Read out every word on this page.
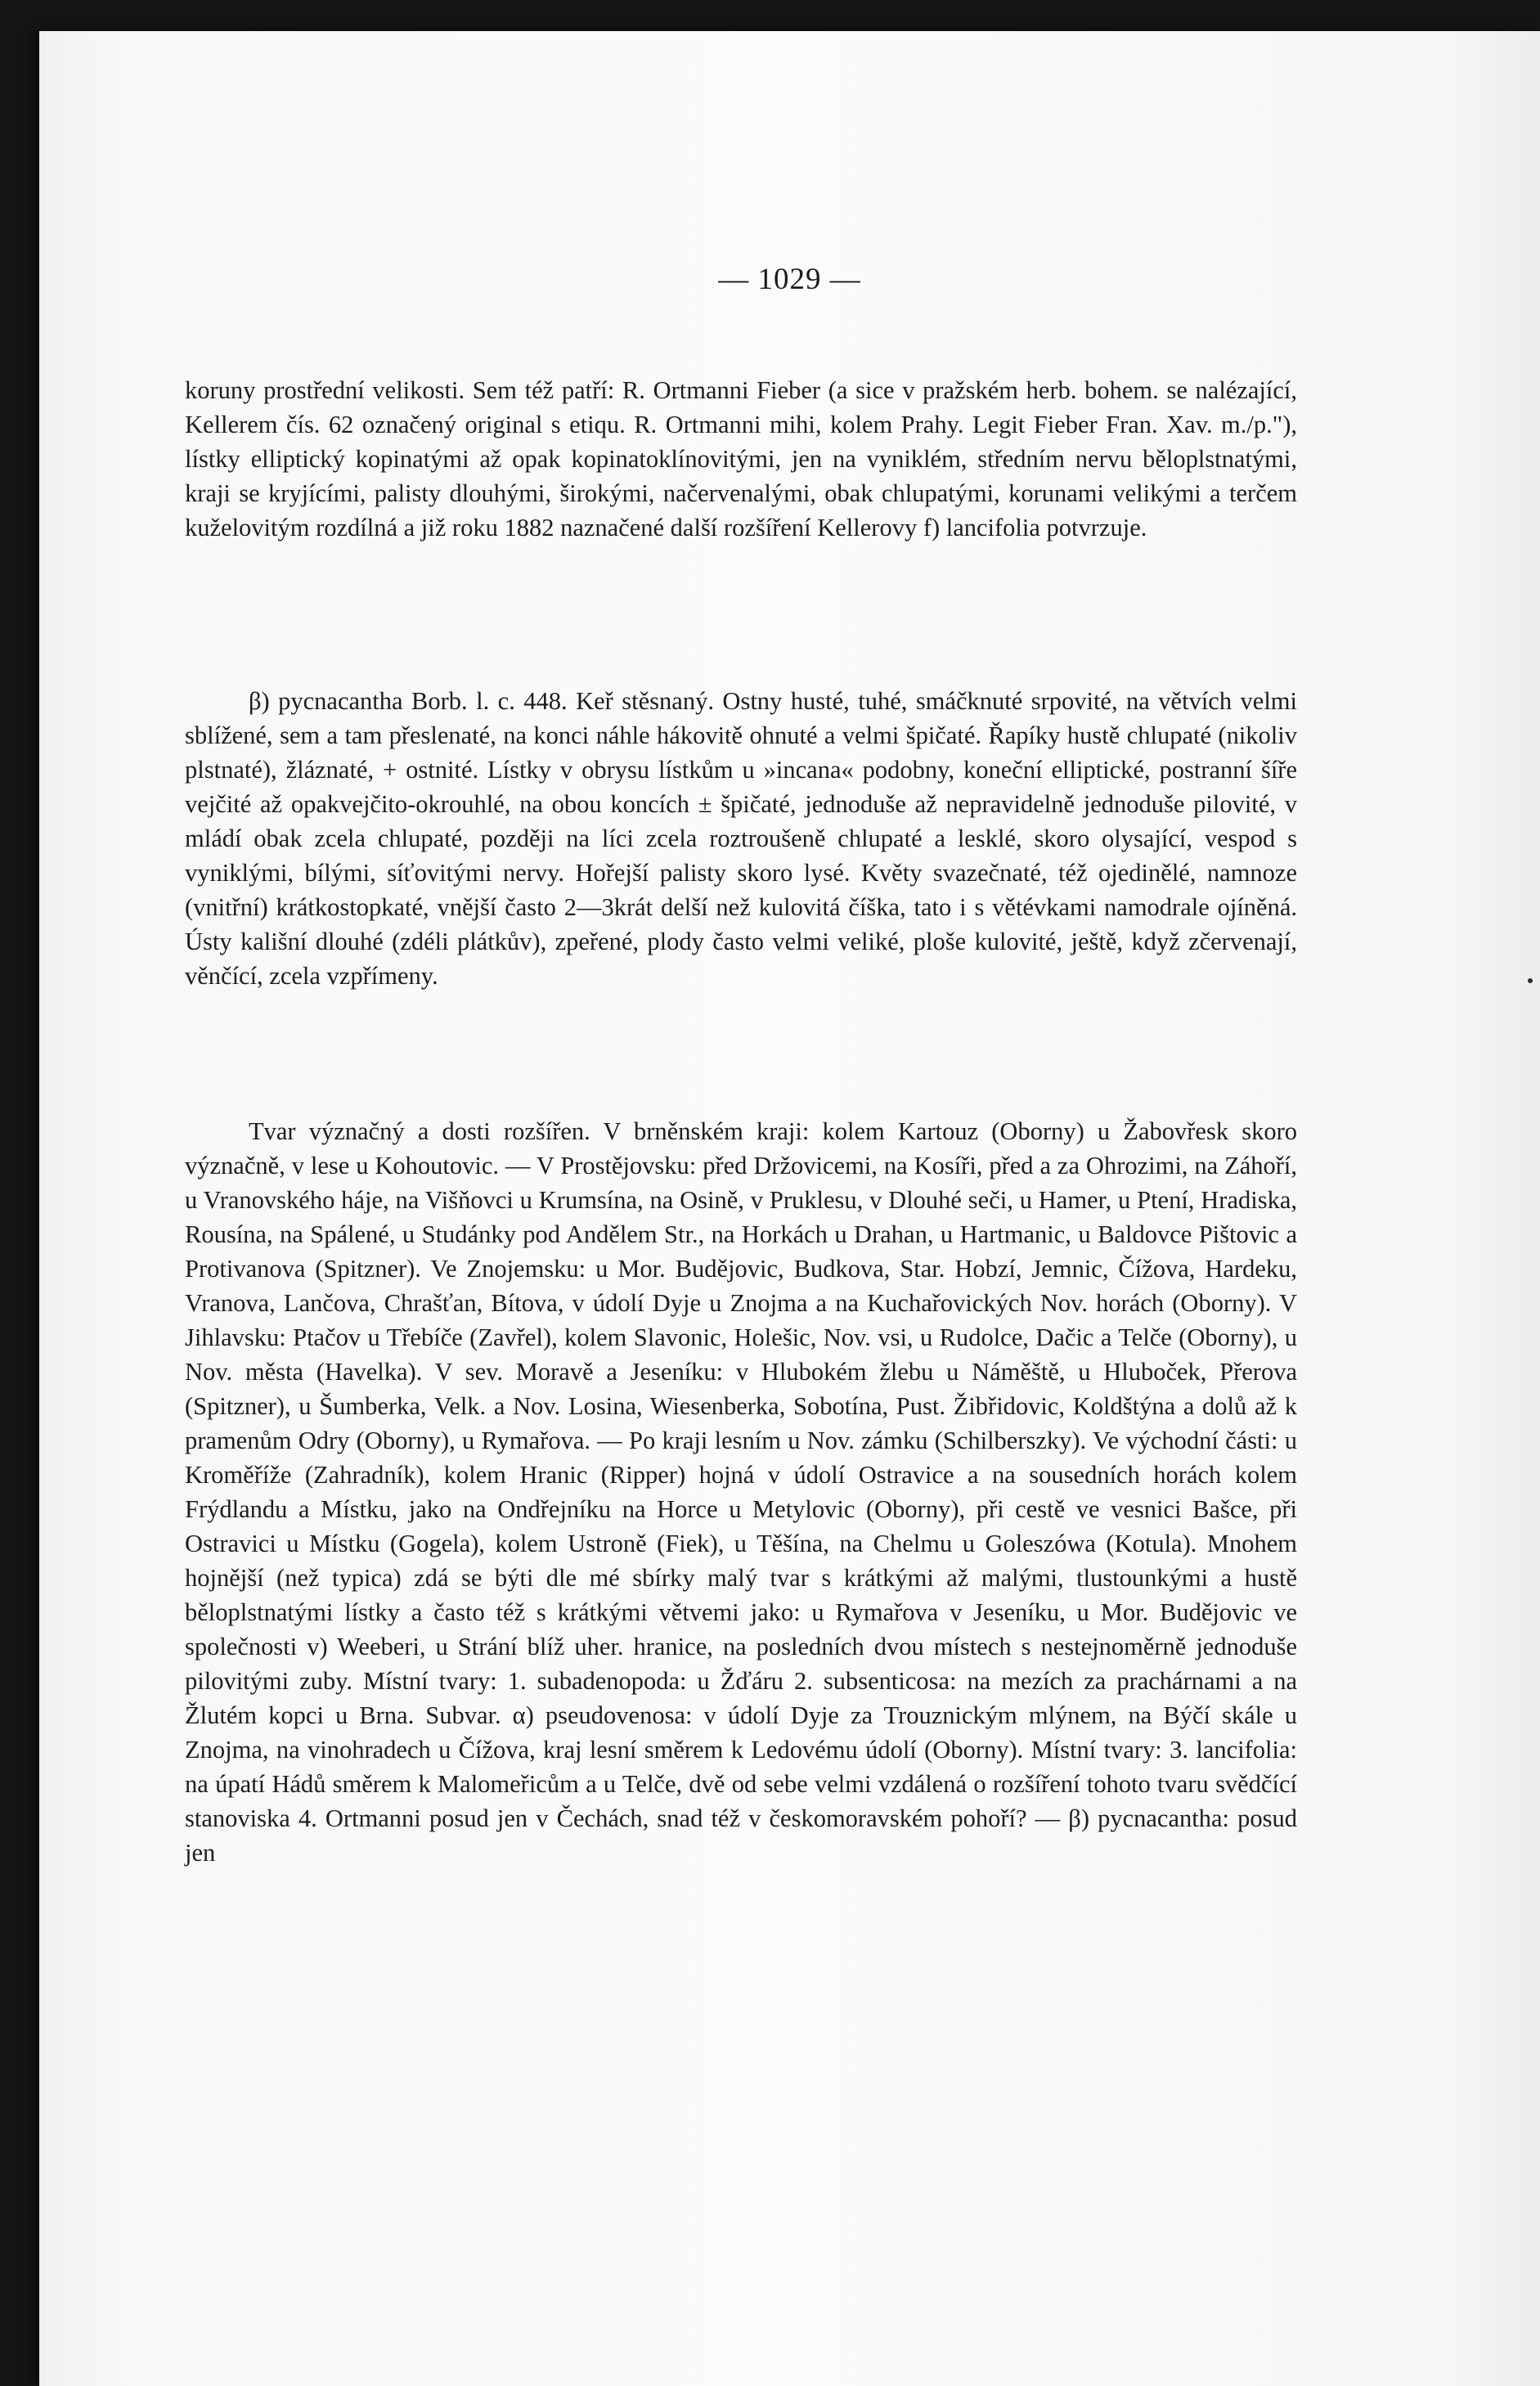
— 1029 —

koruny prostřední velikosti. Sem též patří: R. Ortmanni Fieber (a sice v pražském herb. bohem. se nalézající, Kellerem čís. 62 označený original s etiqu. R. Ortmanni mihi, kolem Prahy. Legit Fieber Fran. Xav. m./p."), lístky elliptický kopinatými až opak kopinatoklínovitými, jen na vyniklém, středním nervu běloplstnatými, kraji se kryjícími, palisty dlouhými, širokými, načervenalými, obak chlupatými, korunami velikými a terčem kuželovitým rozdílná a již roku 1882 naznačené další rozšíření Kellerovy f) lancifolia potvrzuje.

β) pycnacantha Borb. l. c. 448. Keř stěsnaný. Ostny husté, tuhé, smáčknuté srpovité, na větvích velmi sblížené, sem a tam přeslenaté, na konci náhle hákovitě ohnuté a velmi špičaté. Řapíky hustě chlupaté (nikoliv plstnaté), žláznaté, + ostnité. Lístky v obrysu lístkům u »incana« podobny, koneční elliptické, postranní šíře vejčité až opakvejčito-okrouhlé, na obou koncích ± špičaté, jednoduše až nepravidelně jednoduše pilovité, v mládí obak zcela chlupaté, později na líci zcela roztroušeně chlupaté a lesklé, skoro olysající, vespod s vyniklými, bílými, síťovitými nervy. Hořejší palisty skoro lysé. Květy svazečnaté, též ojedinělé, namnoze (vnitřní) krátkostopkaté, vnější často 2—3krát delší než kulovitá číška, tato i s větévkami namodrale ojíněná. Ústy kališní dlouhé (zdéli plátkův), zpeřené, plody často velmi veliké, ploše kulovité, ještě, když zčervenají, věnčící, zcela vzpřímeny.

Tvar význačný a dosti rozšířen. V brněnském kraji: kolem Kartouz (Oborny) u Žabovřesk skoro význačně, v lese u Kohoutovic. — V Prostějovsku: před Držovicemi, na Kosíři, před a za Ohrozimi, na Záhoří, u Vranovského háje, na Višňovci u Krumsína, na Osině, v Pruklesu, v Dlouhé seči, u Hamer, u Ptení, Hradiska, Rousína, na Spálené, u Studánky pod Andělem Str., na Horkách u Drahan, u Hartmanic, u Baldovce Pištovic a Protivanova (Spitzner). Ve Znojemsku: u Mor. Budějovic, Budkova, Star. Hobzí, Jemnic, Čížova, Hardeku, Vranova, Lančova, Chrašťan, Bítova, v údolí Dyje u Znojma a na Kuchařovických Nov. horách (Oborny). V Jihlavsku: Ptačov u Třebíče (Zavřel), kolem Slavonic, Holešic, Nov. vsi, u Rudolce, Dačic a Telče (Oborny), u Nov. města (Havelka). V sev. Moravě a Jeseníku: v Hlubokém žlebu u Náměště, u Hluboček, Přerova (Spitzner), u Šumberka, Velk. a Nov. Losina, Wiesenberka, Sobotína, Pust. Žibřidovic, Koldštýna a dolů až k pramenům Odry (Oborny), u Rymařova. — Po kraji lesním u Nov. zámku (Schilberszky). Ve východní části: u Kroměříže (Zahradník), kolem Hranic (Ripper) hojná v údolí Ostravice a na sousedních horách kolem Frýdlandu a Místku, jako na Ondřejníku na Horce u Metylovic (Oborny), při cestě ve vesnici Bašce, při Ostravici u Místku (Gogela), kolem Ustroně (Fiek), u Těšína, na Chelmu u Goleszówa (Kotula). Mnohem hojnější (než typica) zdá se býti dle mé sbírky malý tvar s krátkými až malými, tlustounkými a hustě běloplstnatými lístky a často též s krátkými větvemi jako: u Rymařova v Jeseníku, u Mor. Budějovic ve společnosti v) Weeberi, u Strání blíž uher. hranice, na posledních dvou místech s nestejnoměrně jednoduše pilovitými zuby. Místní tvary: 1. subadenopoda: u Žďáru 2. subsenticosa: na mezích za prachárnami a na Žlutém kopci u Brna. Subvar. α) pseudovenosa: v údolí Dyje za Trouznickým mlýnem, na Býčí skále u Znojma, na vinohradech u Čížova, kraj lesní směrem k Ledovému údolí (Oborny). Místní tvary: 3. lancifolia: na úpatí Hádů směrem k Malomeřicům a u Telče, dvě od sebe velmi vzdálená o rozšíření tohoto tvaru svědčící stanoviska 4. Ortmanni posud jen v Čechách, snad též v českomoravském pohoří? — β) pycnacantha: posud jen
